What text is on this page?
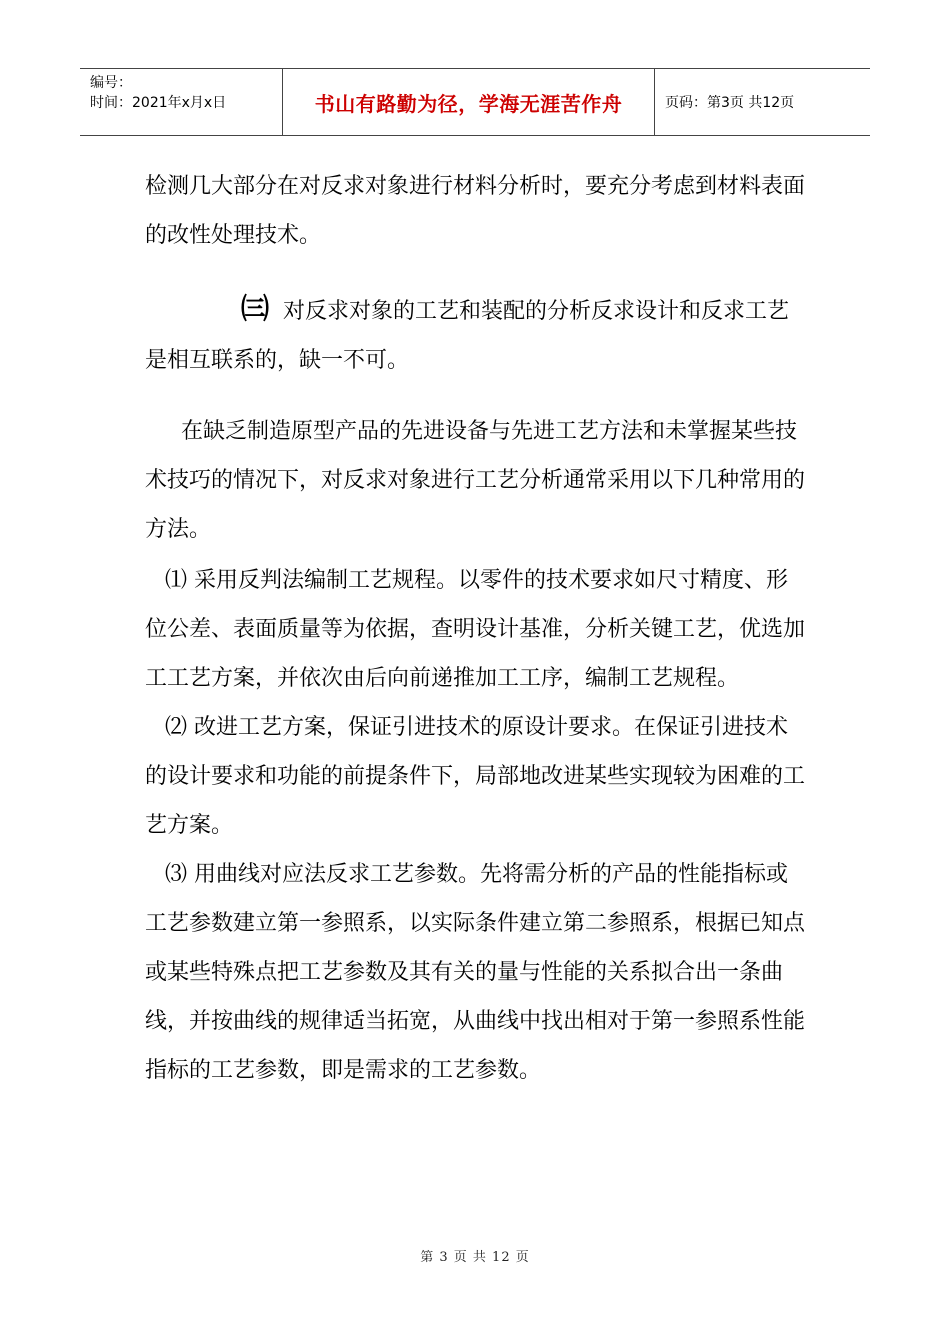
编号：
时间：2021年x月x日	书山有路勤为径，学海无涯苦作舟	页码：第3页 共12页

检测几大部分在对反求对象进行材料分析时，要充分考虑到材料表面的改性处理技术。

㈢ 对反求对象的工艺和装配的分析反求设计和反求工艺是相互联系的，缺一不可。

在缺乏制造原型产品的先进设备与先进工艺方法和未掌握某些技术技巧的情况下，对反求对象进行工艺分析通常采用以下几种常用的方法。

⑴ 采用反判法编制工艺规程。以零件的技术要求如尺寸精度、形位公差、表面质量等为依据，查明设计基准，分析关键工艺，优选加工工艺方案，并依次由后向前递推加工工序，编制工艺规程。

⑵ 改进工艺方案，保证引进技术的原设计要求。在保证引进技术的设计要求和功能的前提条件下，局部地改进某些实现较为困难的工艺方案。

⑶ 用曲线对应法反求工艺参数。先将需分析的产品的性能指标或工艺参数建立第一参照系，以实际条件建立第二参照系，根据已知点或某些特殊点把工艺参数及其有关的量与性能的关系拟合出一条曲线，并按曲线的规律适当拓宽，从曲线中找出相对于第一参照系性能指标的工艺参数，即是需求的工艺参数。

第 3 页 共 12 页
